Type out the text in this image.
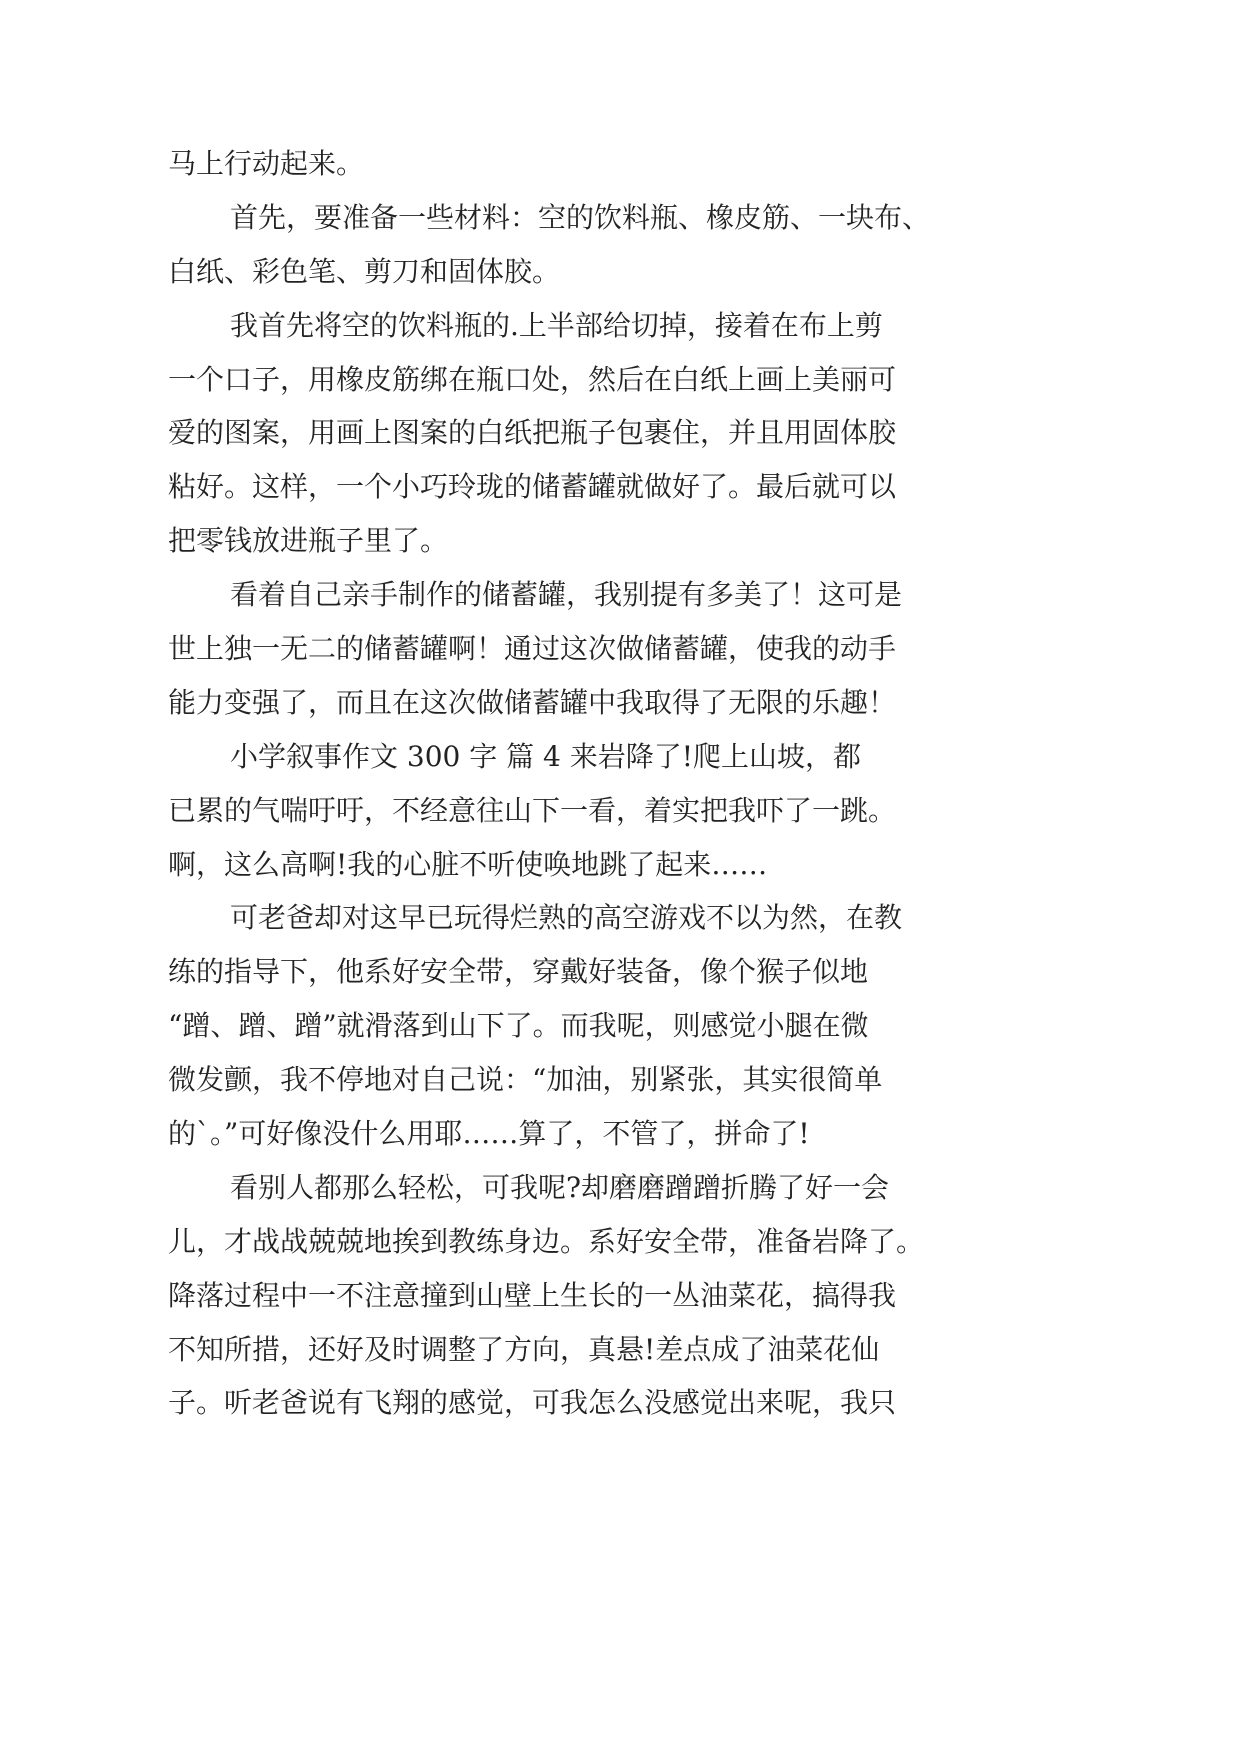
马上行动起来。
首先，要准备一些材料：空的饮料瓶、橡皮筋、一块布、
白纸、彩色笔、剪刀和固体胶。
我首先将空的饮料瓶的.上半部给切掉，接着在布上剪
一个口子，用橡皮筋绑在瓶口处，然后在白纸上画上美丽可
爱的图案，用画上图案的白纸把瓶子包裹住，并且用固体胶
粘好。这样，一个小巧玲珑的储蓄罐就做好了。最后就可以
把零钱放进瓶子里了。
看着自己亲手制作的储蓄罐，我别提有多美了！这可是
世上独一无二的储蓄罐啊！通过这次做储蓄罐，使我的动手
能力变强了，而且在这次做储蓄罐中我取得了无限的乐趣！
小学叙事作文 300 字 篇 4 来岩降了!爬上山坡，都
已累的气喘吁吁，不经意往山下一看，着实把我吓了一跳。
啊，这么高啊!我的心脏不听使唤地跳了起来……
可老爸却对这早已玩得烂熟的高空游戏不以为然，在教
练的指导下，他系好安全带，穿戴好装备，像个猴子似地
“蹭、蹭、蹭”就滑落到山下了。而我呢，则感觉小腿在微
微发颤，我不停地对自己说：“加油，别紧张，其实很简单
的`。”可好像没什么用耶……算了，不管了，拼命了!
看别人都那么轻松，可我呢?却磨磨蹭蹭折腾了好一会
儿，才战战兢兢地挨到教练身边。系好安全带，准备岩降了。
降落过程中一不注意撞到山壁上生长的一丛油菜花，搞得我
不知所措，还好及时调整了方向，真悬!差点成了油菜花仙
子。听老爸说有飞翔的感觉，可我怎么没感觉出来呢，我只
